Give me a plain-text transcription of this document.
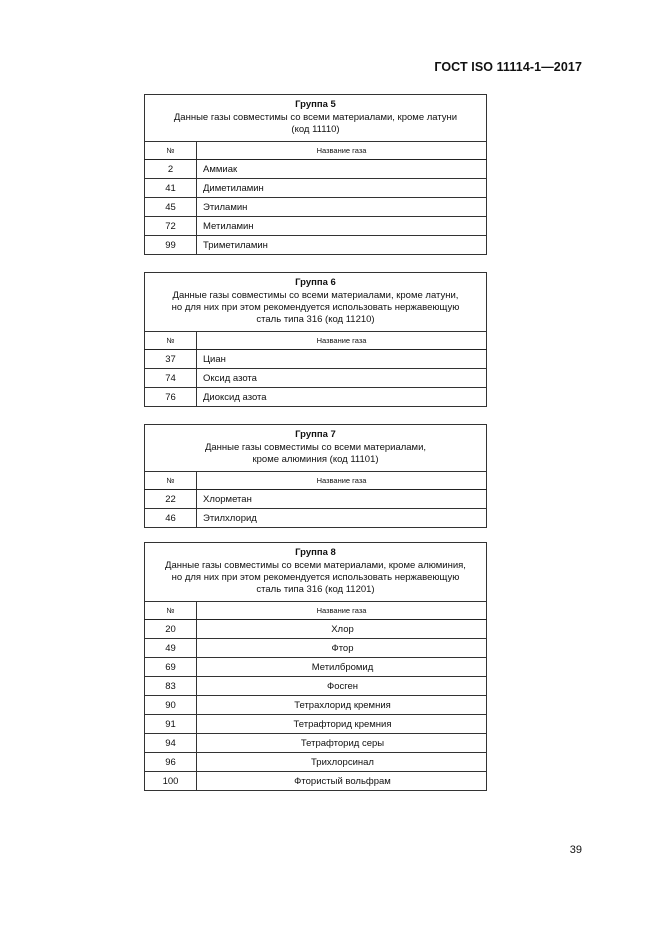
ГОСТ ISO 11114-1—2017
Группа 5
Данные газы совместимы со всеми материалами, кроме латуни
(код 11110)	

№	Название газа
2	Аммиак
41	Диметиламин
45	Этиламин
72	Метиламин
99	Триметиламин
Группа 6
Данные газы совместимы со всеми материалами, кроме латуни,
но для них при этом рекомендуется использовать нержавеющую
сталь типа 316 (код 11210)	

№	Название газа
37	Циан
74	Оксид азота
76	Диоксид азота
Группа 7
Данные газы совместимы со всеми материалами,
кроме алюминия (код 11101)	

№	Название газа
22	Хлорметан
46	Этилхлорид
Группа 8
Данные газы совместимы со всеми материалами, кроме алюминия,
но для них при этом рекомендуется использовать нержавеющую
сталь типа 316 (код 11201)	

№	Название газа
20	Хлор
49	Фтор
69	Метилбромид
83	Фосген
90	Тетрахлорид кремния
91	Тетрафторид кремния
94	Тетрафторид серы
96	Трихлорсинал
100	Фтористый вольфрам
39
